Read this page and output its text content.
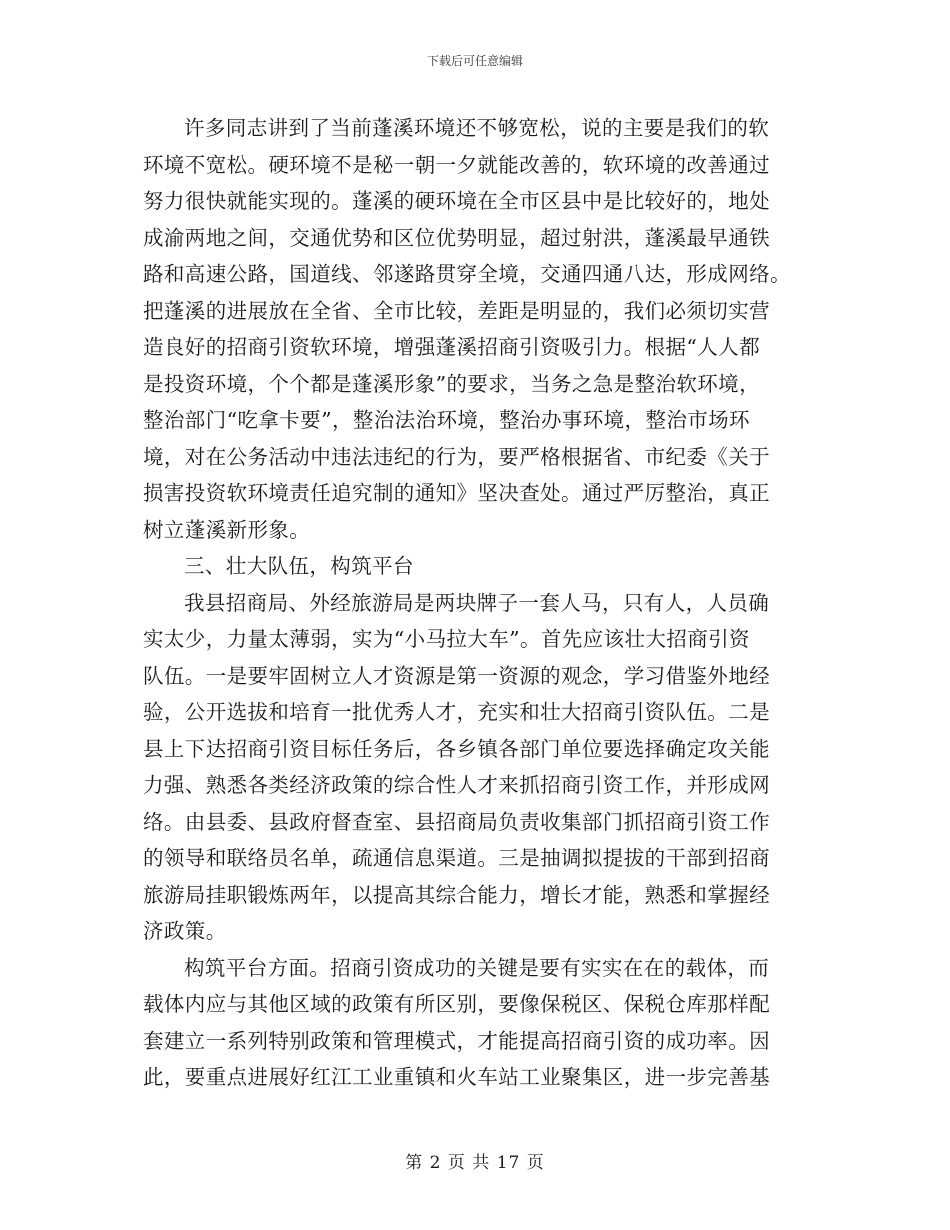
下载后可任意编辑
许多同志讲到了当前蓬溪环境还不够宽松，说的主要是我们的软
环境不宽松。硬环境不是秘一朝一夕就能改善的，软环境的改善通过
努力很快就能实现的。蓬溪的硬环境在全市区县中是比较好的，地处
成渝两地之间，交通优势和区位优势明显，超过射洪，蓬溪最早通铁
路和高速公路，国道线、邻遂路贯穿全境，交通四通八达，形成网络。
把蓬溪的进展放在全省、全市比较，差距是明显的，我们必须切实营
造良好的招商引资软环境，增强蓬溪招商引资吸引力。根据“人人都
是投资环境，个个都是蓬溪形象”的要求，当务之急是整治软环境，
整治部门“吃拿卡要”，整治法治环境，整治办事环境，整治市场环
境，对在公务活动中违法违纪的行为，要严格根据省、市纪委《关于
损害投资软环境责任追究制的通知》坚决查处。通过严厉整治，真正
树立蓬溪新形象。
三、壮大队伍，构筑平台
我县招商局、外经旅游局是两块牌子一套人马，只有人，人员确
实太少，力量太薄弱，实为“小马拉大车”。首先应该壮大招商引资
队伍。一是要牢固树立人才资源是第一资源的观念，学习借鉴外地经
验，公开选拔和培育一批优秀人才，充实和壮大招商引资队伍。二是
县上下达招商引资目标任务后，各乡镇各部门单位要选择确定攻关能
力强、熟悉各类经济政策的综合性人才来抓招商引资工作，并形成网
络。由县委、县政府督查室、县招商局负责收集部门抓招商引资工作
的领导和联络员名单，疏通信息渠道。三是抽调拟提拔的干部到招商
旅游局挂职锻炼两年，以提高其综合能力，增长才能，熟悉和掌握经
济政策。
构筑平台方面。招商引资成功的关键是要有实实在在的载体，而
载体内应与其他区域的政策有所区别，要像保税区、保税仓库那样配
套建立一系列特别政策和管理模式，才能提高招商引资的成功率。因
此，要重点进展好红江工业重镇和火车站工业聚集区，进一步完善基
第 2 页 共 17 页
